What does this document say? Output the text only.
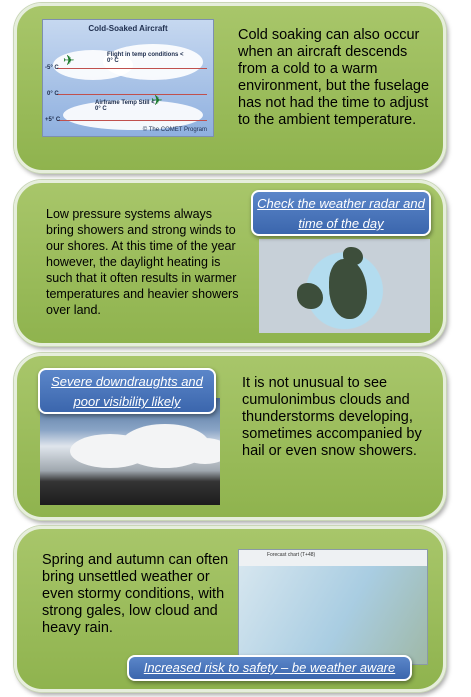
Cold-Soaked Aircraft
-5° C
0° C
+5° C
✈
✈
Flight in temp conditions < 0° C
Airframe Temp Still < 0° C
© The COMET Program
Cold soaking can also occur when an aircraft descends from a cold to a warm environment, but the fuselage has not had the time to adjust to the ambient temperature.
Low pressure systems always bring showers and strong winds to our shores. At this time of the year however, the daylight heating is such that it often results in warmer temperatures and heavier showers over land.
Check the weather radar and time of the day
Severe downdraughts and poor visibility likely
It is not unusual to see cumulonimbus clouds and thunderstorms developing, sometimes accompanied by hail or even snow showers.
Spring and autumn can often bring unsettled weather or even stormy conditions, with strong gales, low cloud and heavy rain.
Forecast chart (T+48)
Increased risk to safety – be weather aware
